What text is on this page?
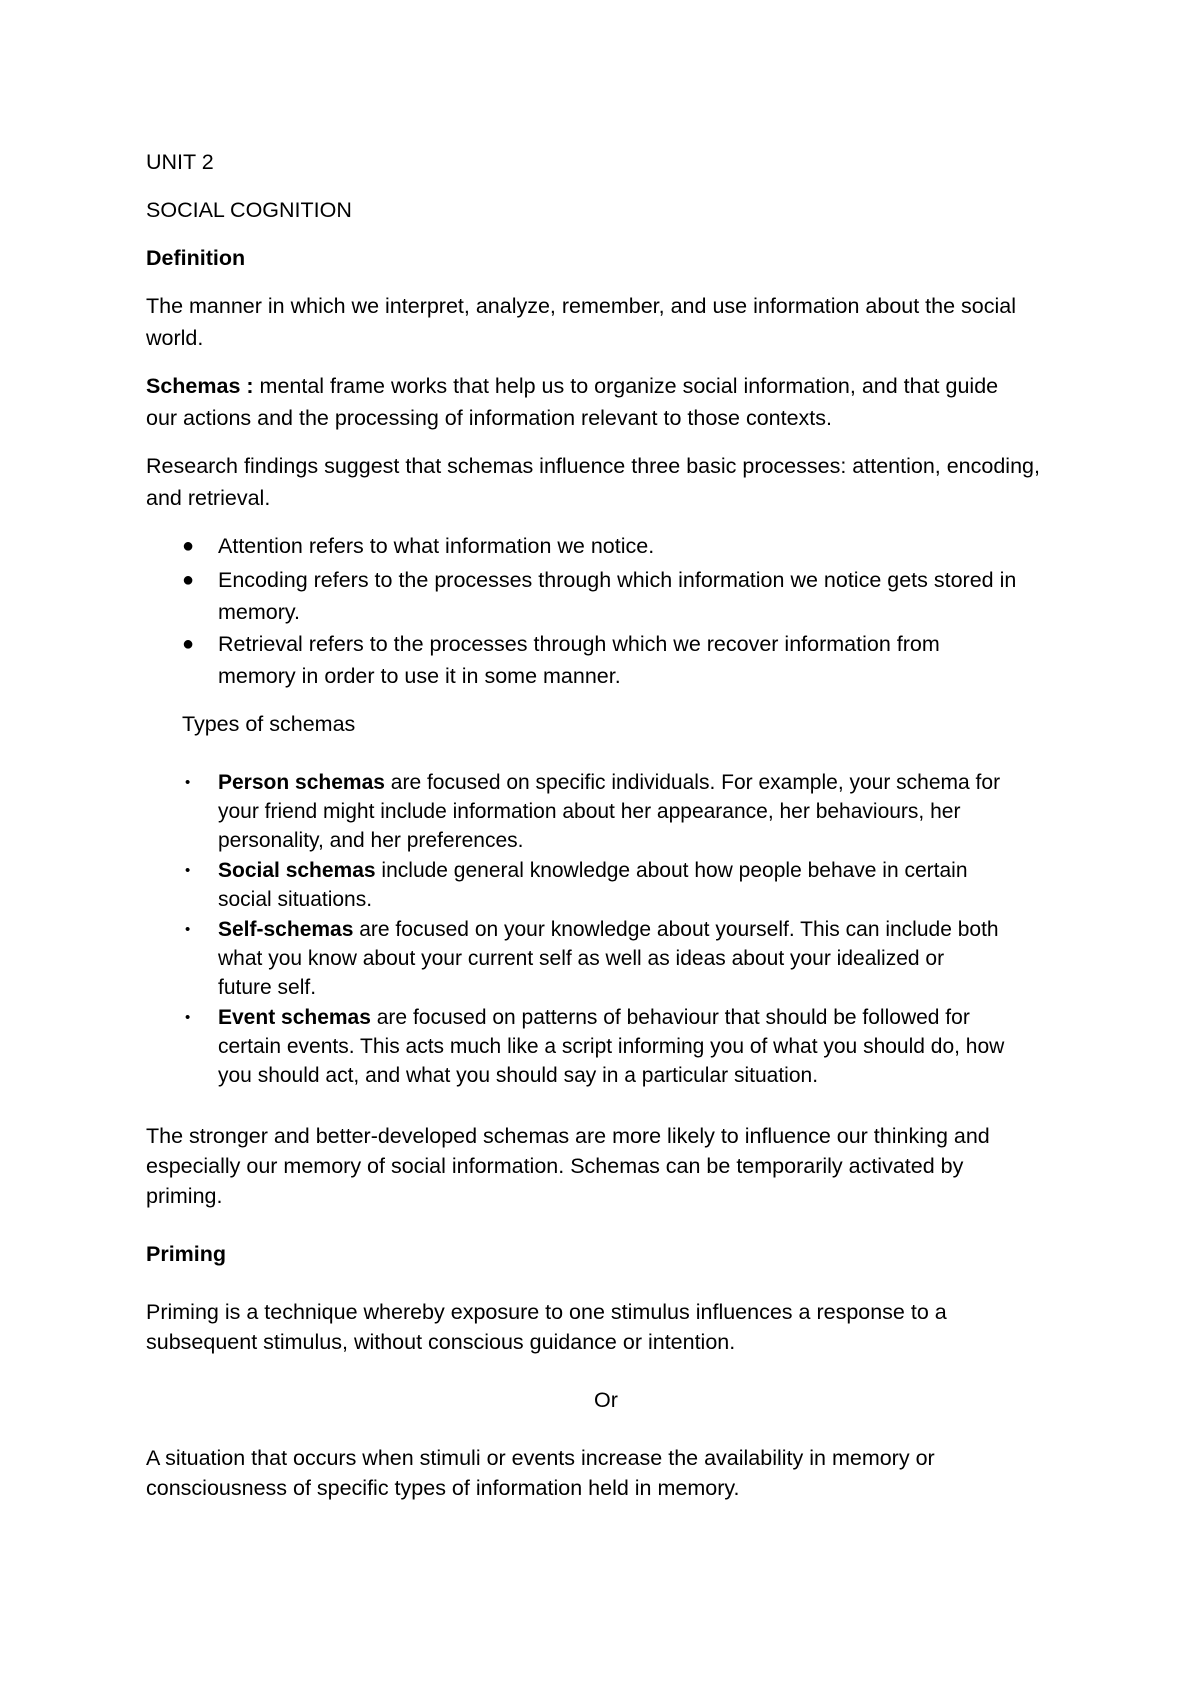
UNIT 2
SOCIAL COGNITION
Definition
The manner in which we interpret, analyze, remember, and use information about the social
world.
Schemas : mental frame works that help us to organize social information, and that guide
our actions and the processing of information relevant to those contexts.
Research findings suggest that schemas influence three basic processes: attention, encoding,
and retrieval.
● Attention refers to what information we notice.
● Encoding refers to the processes through which information we notice gets stored in
memory.
● Retrieval refers to the processes through which we recover information from
memory in order to use it in some manner.
Types of schemas
• Person schemas are focused on specific individuals. For example, your schema for
your friend might include information about her appearance, her behaviours, her
personality, and her preferences.
• Social schemas include general knowledge about how people behave in certain
social situations.
• Self-schemas are focused on your knowledge about yourself. This can include both
what you know about your current self as well as ideas about your idealized or
future self.
• Event schemas are focused on patterns of behaviour that should be followed for
certain events. This acts much like a script informing you of what you should do, how
you should act, and what you should say in a particular situation.
The stronger and better-developed schemas are more likely to influence our thinking and
especially our memory of social information. Schemas can be temporarily activated by
priming.
Priming
Priming is a technique whereby exposure to one stimulus influences a response to a
subsequent stimulus, without conscious guidance or intention.
Or
A situation that occurs when stimuli or events increase the availability in memory or
consciousness of specific types of information held in memory.
